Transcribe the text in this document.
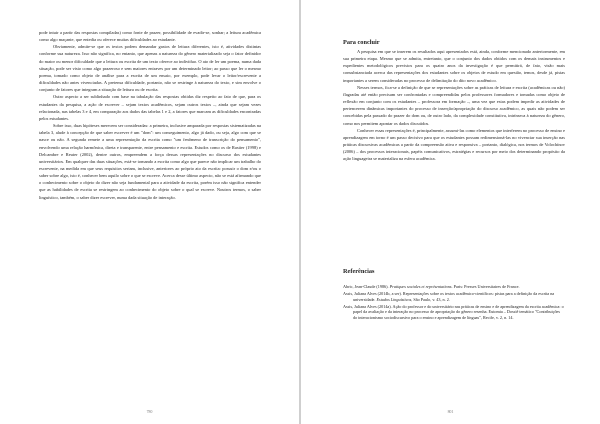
pode intuir a partir das respostas compiladas) como fonte de prazer, possibilidade de evadir-se, sonhar; a leitura acadêmica como algo maçante, que entedia ou oferece muitas dificuldades ao estudante.

Obviamente, admite-se que os textos podem demandar gastos de leitura diferentes, isto é, atividades distintas conforme sua natureza. Isso não significa, no entanto, que apenas a natureza do gênero materializado seja o fator definidor do maior ou menor dificuldade que a leitura ou escrita de um texto oferece ao indivíduo. O ato de ler um poema, numa dada situação, pode ser visto como algo prazeroso e sem maiores entraves por um determinado leitor; ao passo que ler o mesmo poema, tomado como objeto de análise para a escrita de um ensaio, por exemplo, pode levar o leitor/escrevente a dificuldades não antes vivenciadas. A pretensa dificuldade, portanto, não se restringe à natureza do texto, e sim envolve o conjunto de fatores que integram a situação de leitura ou de escrita.

Outro aspecto a ser sublinhado com base na tabulação das respostas obtidas diz respeito ao fato de que, para os estudantes da pesquisa, a ação de escrever – sejam textos acadêmicos, sejam outros textos –, ainda que sejam vezes relacionada, nas tabelas 3 e 4, em comparação aos dados das tabelas 1 e 2, a fatores que marcam as dificuldades encontradas pelos estudantes.

Sobre isso, duas hipóteses merecem ser consideradas: a primeira, inclusive amparada por respostas sistematizadas na tabela 3, alude à concepção de que saber escrever é um "dom": um conseguimento, algo já dado, ou seja, algo com que se nasce ou não. A segunda remete a uma representação da escrita como "um fenômeno de transcrição do pensamento", envolvendo uma relação harmônica, direta e transparente, entre pensamento e escrita. Estudos como os de Rastier (1998) e Delcambre e Reuter (2002), dentre outros, empreendem a força dessas representações no discurso dos estudantes universitários. Em qualquer das duas situações, está-se tomando a escrita como algo que parece não implicar um trabalho do escrevente, na medida em que seus requisitos seriam, inclusive, anteriores ao próprio ato da escrita: possuir o dom e/ou o saber sobre algo, isto é, conhecer bem aquilo sobre o que se escreve. Acerca desse último aspecto, não se está afirmando que o conhecimento sobre o objeto do dizer não seja fundamental para a atividade da escrita, porém isso não significa entender que as habilidades de escrita se restringem ao conhecimento do objeto sobre o qual se escreve. Noutros termos, o saber linguístico, também, o saber dizer escrever, numa dada situação de interação.

780
Para concluir

A pesquisa em que se inserem os resultados aqui apresentados está, ainda, conforme mencionado anteriormente, em sua primeira etapa. Mesmo que se admita, entretanto, que o conjunto dos dados obtidos com os demais instrumentos e expedientes metodológicos previstos para os quatro anos da investigação é que permitirá, de fato, visão mais consubstanciada acerca das representações dos estudantes sobre os objetos de estudo em questão, temos, desde já, pistas importantes a serem consideradas no processo de delimitação do dito novo acadêmico.

Nesses termos, fica-se a definição de que se representações sobre as práticas de leitura e escrita (acadêmicas ou não) flagradas até então precisam ser confrontadas e compreendidas pelos professores formadores e tomadas como objeto de reflexão em conjunto com os estudantes – professora em formação –, uma vez que estas podem impedir as atividades de pertencerem dinâmicas importantes do processo de inserção/apropriação do discurso acadêmico, as quais não podem ser concebidas pela passado do prazer do dom ou, de outro lado, da complexidade constitutiva, intrínseca à natureza do gênero, como nos permitem apontar os dados discutidos.

Conhecer essas representações é, principalmente, assumi-las como elementos que interferem no processo de ensino e aprendizagem em torno é um passo decisivo para que os estudantes possam redimensioná-las no vivenciar sua inserção nas práticas discursivas acadêmicas a partir da compreensão ativa e responsiva – portanto, dialógica, nos termos de Volochínov (2006) – dos processos interacionais, papéis comunicativos, estratégias e recursos por meio dos determinando propósito da ação linguageira se materializa na esfera acadêmica.

Referências
Abric, Jean-Claude (1986). Pratiques sociales et représentations. Paris: Presses Universitaires de France.
Assis, Juliana Alves (2014b, a ser). Representações sobre os textos acadêmico-científicos: pistas para a definição da escrita na universidade. Estudos Linguísticos, São Paulo, v. 43, n. 2.
Assis, Juliana Alves (2014a). Ação do professor e do universitário nas práticas de ensino e de aprendizagem da escrita acadêmica: o papel da avaliação e da interação no processo de apropriação do gênero resenha. Eutomia – Dossiê temático "Contribuições do interacionismo sociodiscursivo para o ensino e aprendizagem de línguas", Recife, v. 2, n. 14.
801
